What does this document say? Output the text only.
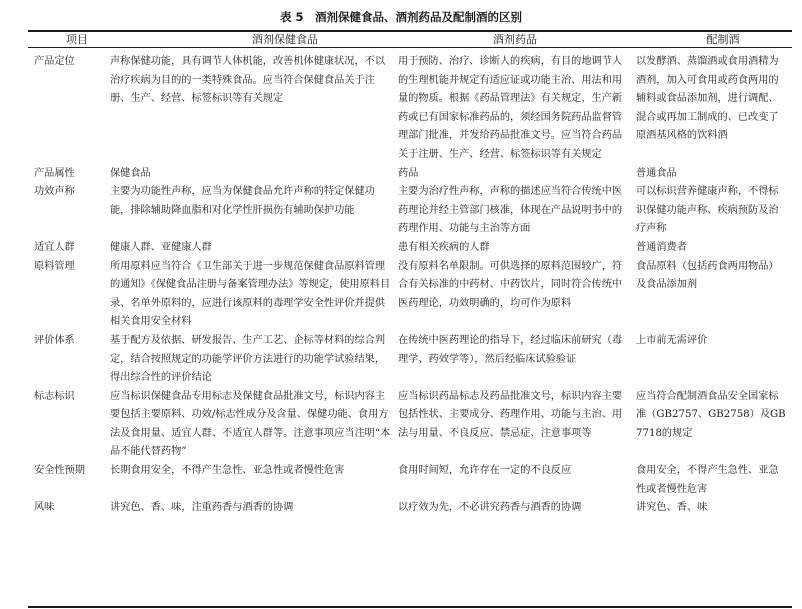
表 5　酒剂保健食品、酒剂药品及配制酒的区别
项目	酒剂保健食品	酒剂药品	配制酒
产品定位	声称保健功能，具有调节人体机能，改善机体健康状况，不以治疗疾病为目的的一类特殊食品。应当符合保健食品关于注册、生产、经营、标签标识等有关规定	用于预防、治疗、诊断人的疾病，有目的地调节人的生理机能并规定有适应证或功能主治、用法和用量的物质。根据《药品管理法》有关规定，生产新药或已有国家标准药品的，须经国务院药品监督管理部门批准，并发给药品批准文号。应当符合药品关于注册、生产、经营、标签标识等有关规定	以发酵酒、蒸馏酒或食用酒精为酒剂，加入可食用或药食两用的辅料或食品添加剂，进行调配、混合或再加工制成的、已改变了原酒基风格的饮料酒
产品属性	保健食品	药品	普通食品
功效声称	主要为功能性声称，应当为保健食品允许声称的特定保健功能，排除辅助降血脂和对化学性肝损伤有辅助保护功能	主要为治疗性声称，声称的描述应当符合传统中医药理论并经主管部门核准，体现在产品说明书中的药理作用、功能与主治等方面	可以标识营养健康声称，不得标识保健功能声称、疾病预防及治疗声称
适宜人群	健康人群、亚健康人群	患有相关疾病的人群	普通消费者
原料管理	所用原料应当符合《卫生部关于进一步规范保健食品原料管理的通知》《保健食品注册与备案管理办法》等规定，使用原料目录、名单外原料的，应进行该原料的毒理学安全性评价并提供相关食用安全材料	没有原料名单限制。可供选择的原料范围较广，符合有关标准的中药材、中药饮片，同时符合传统中医药理论，功效明确的，均可作为原料	食品原料（包括药食两用物品）及食品添加剂
评价体系	基于配方及依据、研发报告、生产工艺、企标等材料的综合判定，结合按照规定的功能学评价方法进行的功能学试验结果，得出综合性的评价结论	在传统中医药理论的指导下，经过临床前研究（毒理学、药效学等），然后经临床试验验证	上市前无需评价
标志标识	应当标识保健食品专用标志及保健食品批准文号，标识内容主要包括主要原料、功效/标志性成分及含量、保健功能、食用方法及食用量、适宜人群、不适宜人群等。注意事项应当注明“本品不能代替药物”	应当标识药品标志及药品批准文号，标识内容主要包括性状、主要成分、药理作用、功能与主治、用法与用量、不良反应、禁忌症、注意事项等	应当符合配制酒食品安全国家标准（GB2757、GB2758）及GB7718的规定
安全性预期	长期食用安全，不得产生急性、亚急性或者慢性危害	食用时间短，允许存在一定的不良反应	食用安全，不得产生急性、亚急性或者慢性危害
风味	讲究色、香、味，注重药香与酒香的协调	以疗效为先，不必讲究药香与酒香的协调	讲究色、香、味
